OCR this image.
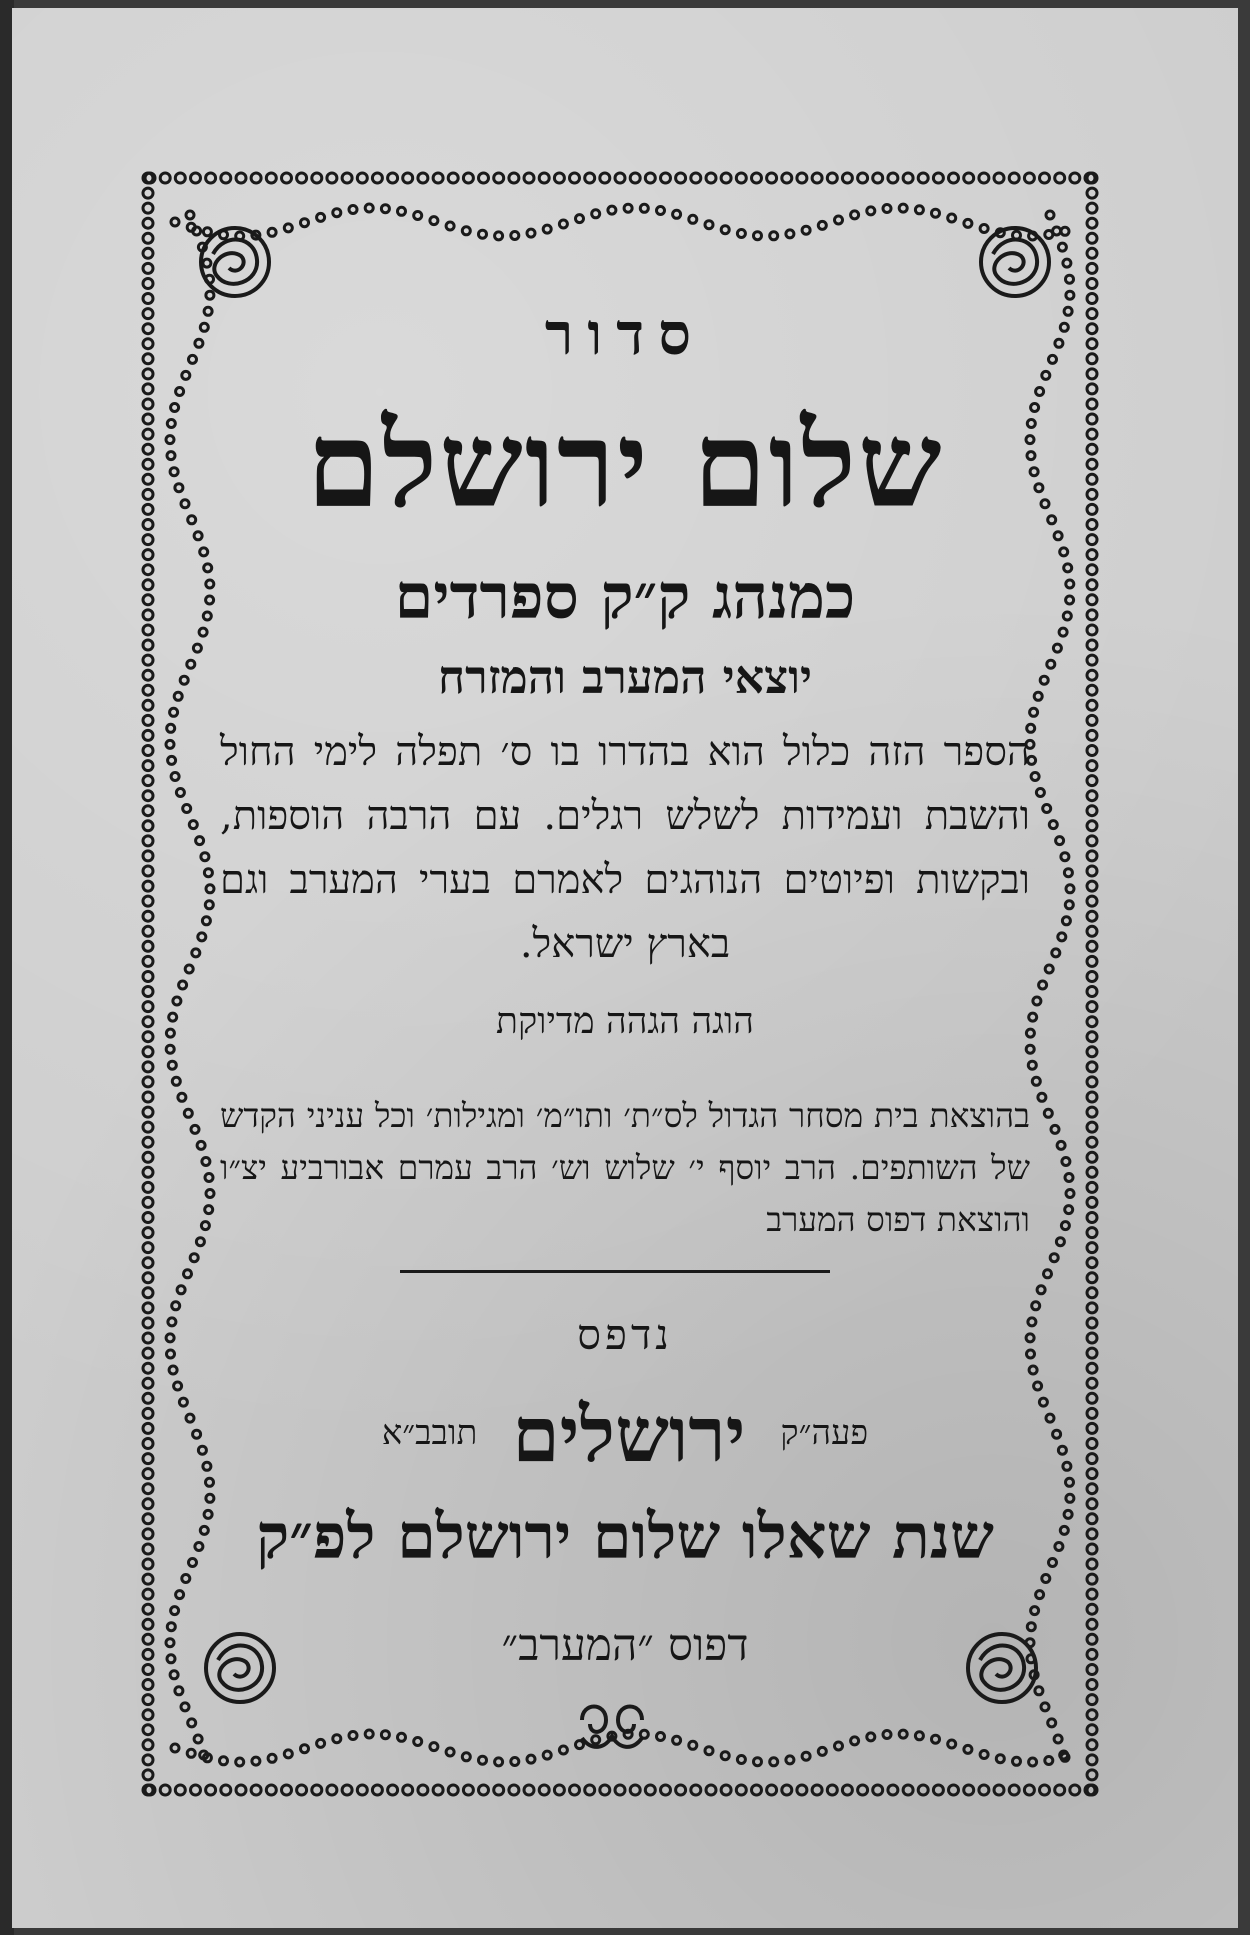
סדור
שלום ירושלם
כמנהג ק״ק ספרדים
יוצאי המערב והמזרח
הספר הזה כלול הוא בהדרו בו ס׳ תפלה לימי החול והשבת ועמידות לשלש רגלים. עם הרבה הוספות, ובקשות ופיוטים הנוהגים לאמרם בערי המערב וגם בארץ ישראל.
הוגה הגהה מדיוקת
בהוצאת בית מסחר הגדול לס״ת׳ ותו״מ׳ ומגילות׳ וכל עניני הקדש של השותפים. הרב יוסף י׳ שלוש וש׳ הרב עמרם אבורביע יצ״ו והוצאת דפוס המערב
נדפס
פעה״ק ירושלים תובב״א
שנת שאלו שלום ירושלם לפ״ק
דפוס ״המערב״
